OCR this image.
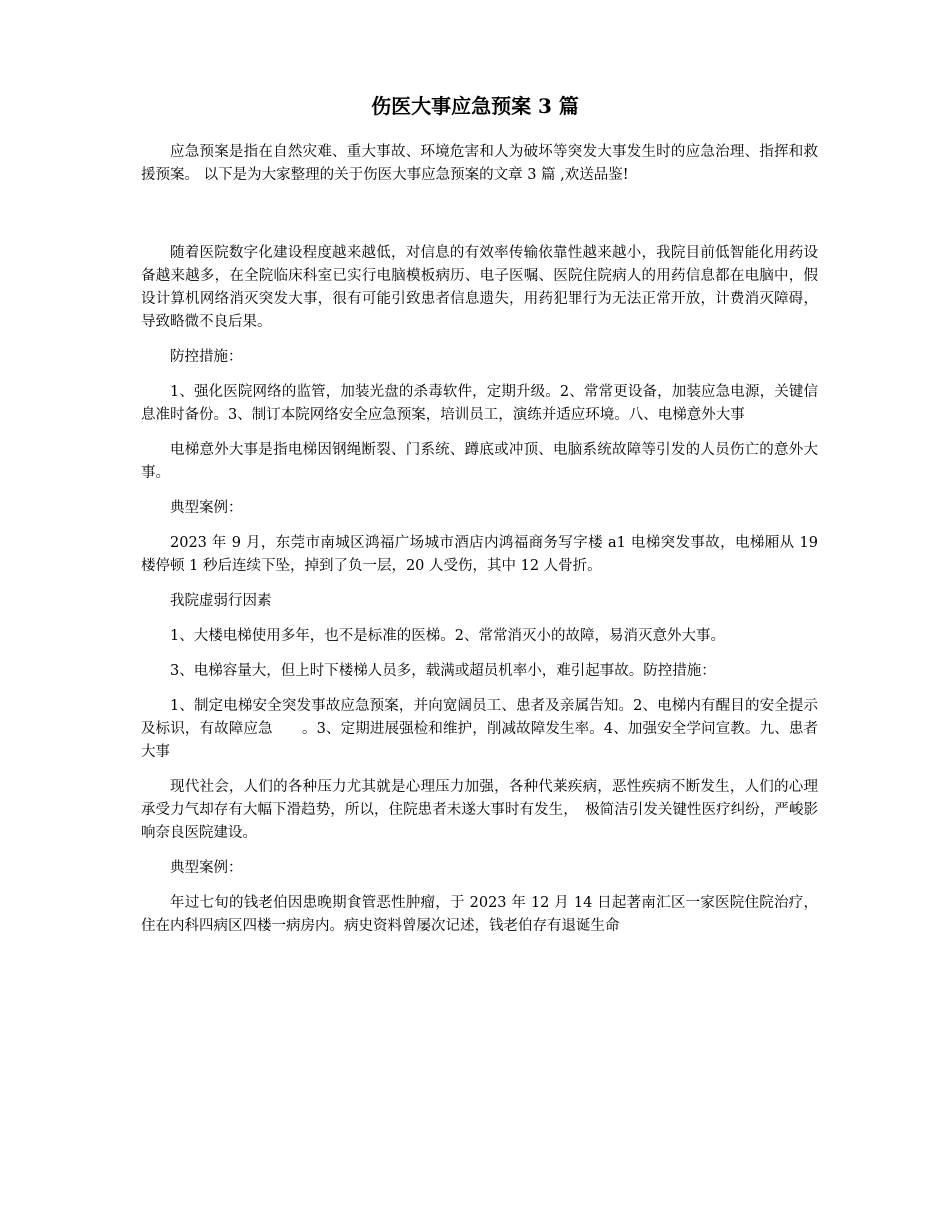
伤医大事应急预案 3 篇

应急预案是指在自然灾难、重大事故、环境危害和人为破坏等突发大事发生时的应急治理、指挥和救援预案。 以下是为大家整理的关于伤医大事应急预案的文章 3 篇 ,欢送品鉴!

随着医院数字化建设程度越来越低，对信息的有效率传输依靠性越来越小，我院目前低智能化用药设备越来越多，在全院临床科室已实行电脑模板病历、电子医嘱、医院住院病人的用药信息都在电脑中，假设计算机网络消灭突发大事，很有可能引致患者信息遗失，用药犯罪行为无法正常开放，计费消灭障碍，导致略微不良后果。

防控措施：

1、强化医院网络的监管，加装光盘的杀毒软件，定期升级。2、常常更设备，加装应急电源，关键信息准时备份。3、制订本院网络安全应急预案，培训员工，演练并适应环境。八、电梯意外大事

电梯意外大事是指电梯因钢绳断裂、门系统、蹲底或冲顶、电脑系统故障等引发的人员伤亡的意外大事。

典型案例：

2023 年 9 月，东莞市南城区鸿福广场城市酒店内鸿福商务写字楼 a1 电梯突发事故，电梯厢从 19 楼停顿 1 秒后连续下坠，掉到了负一层，20 人受伤，其中 12 人骨折。

我院虚弱行因素

1、大楼电梯使用多年，也不是标准的医梯。2、常常消灭小的故障，易消灭意外大事。

3、电梯容量大，但上时下楼梯人员多，载满或超员机率小，难引起事故。防控措施：

1、制定电梯安全突发事故应急预案，并向宽阔员工、患者及亲属告知。2、电梯内有醒目的安全提示及标识，有故障应急　　。3、定期进展强检和维护，削减故障发生率。4、加强安全学问宣教。九、患者大事

现代社会，人们的各种压力尤其就是心理压力加强，各种代莱疾病，恶性疾病不断发生，人们的心理承受力气却存有大幅下滑趋势，所以，住院患者未遂大事时有发生，　极简洁引发关键性医疗纠纷，严峻影响奈良医院建设。

典型案例：

年过七旬的钱老伯因患晚期食管恶性肿瘤，于 2023 年 12 月 14 日起著南汇区一家医院住院治疗，住在内科四病区四楼一病房内。病史资料曾屡次记述，钱老伯存有退诞生命
